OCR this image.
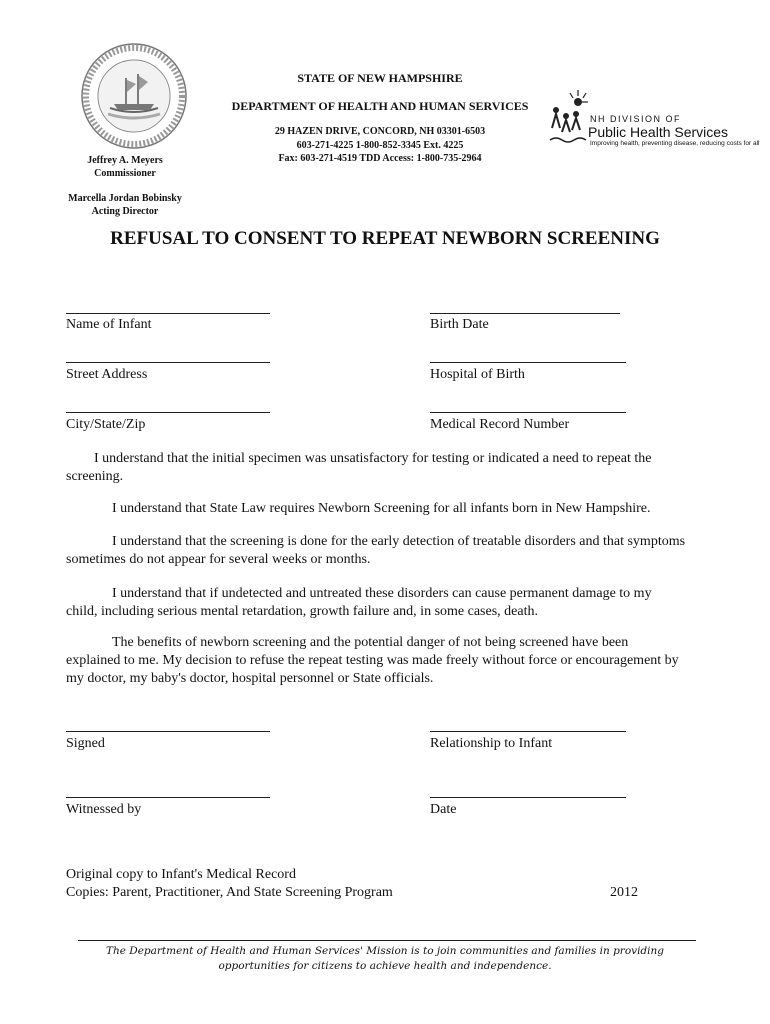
STATE OF NEW HAMPSHIRE
DEPARTMENT OF HEALTH AND HUMAN SERVICES
29 HAZEN DRIVE, CONCORD, NH 03301-6503
603-271-4225 1-800-852-3345 Ext. 4225
Fax: 603-271-4519 TDD Access: 1-800-735-2964
Jeffrey A. Meyers
Commissioner
Marcella Jordan Bobinsky
Acting Director
NH DIVISION OF
Public Health Services
Improving health, preventing disease, reducing costs for all
REFUSAL TO CONSENT TO REPEAT NEWBORN SCREENING
Name of Infant	Birth Date
Street Address	Hospital of Birth
City/State/Zip	Medical Record Number
I understand that the initial specimen was unsatisfactory for testing or indicated a need to repeat the screening.
I understand that State Law requires Newborn Screening for all infants born in New Hampshire.
I understand that the screening is done for the early detection of treatable disorders and that symptoms sometimes do not appear for several weeks or months.
I understand that if undetected and untreated these disorders can cause permanent damage to my child, including serious mental retardation, growth failure and, in some cases, death.
The benefits of newborn screening and the potential danger of not being screened have been explained to me. My decision to refuse the repeat testing was made freely without force or encouragement by my doctor, my baby's doctor, hospital personnel or State officials.
Signed	Relationship to Infant
Witnessed by	Date
Original copy to Infant's Medical Record
Copies: Parent, Practitioner, And State Screening Program	2012
The Department of Health and Human Services' Mission is to join communities and families in providing opportunities for citizens to achieve health and independence.
